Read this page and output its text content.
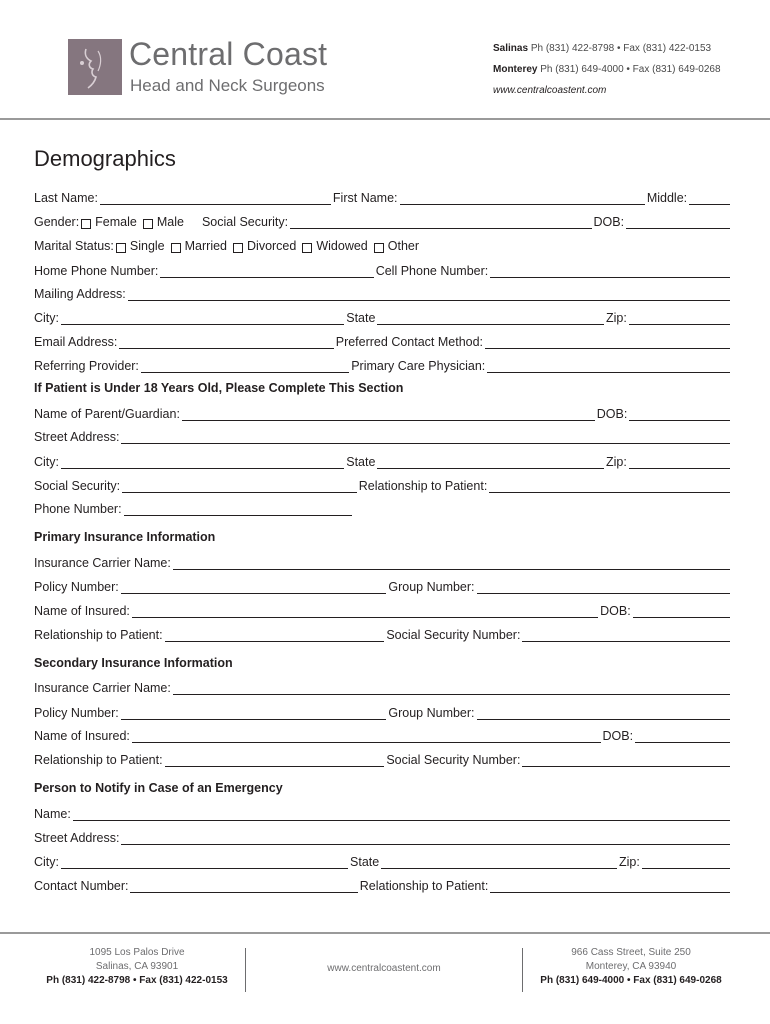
Central Coast
Head and Neck Surgeons
Salinas Ph (831) 422-8798 • Fax (831) 422-0153
Monterey Ph (831) 649-4000 • Fax (831) 649-0268
www.centralcoastent.com
Demographics
Last Name:	First Name:	Middle:
Gender: Female Male Social Security:	DOB:
Marital Status: Single Married Divorced Widowed Other
Home Phone Number:	Cell Phone Number:
Mailing Address:
City:	State	Zip:
Email Address:	Preferred Contact Method:
Referring Provider:	Primary Care Physician:
If Patient is Under 18 Years Old, Please Complete This Section
Name of Parent/Guardian:	DOB:
Street Address:
City:	State	Zip:
Social Security:	Relationship to Patient:
Phone Number:
Primary Insurance Information
Insurance Carrier Name:
Policy Number:	Group Number:
Name of Insured:	DOB:
Relationship to Patient:	Social Security Number:
Secondary Insurance Information
Insurance Carrier Name:
Policy Number:	Group Number:
Name of Insured:	DOB:
Relationship to Patient:	Social Security Number:
Person to Notify in Case of an Emergency
Name:
Street Address:
City:	State	Zip:
Contact Number:	Relationship to Patient:
1095 Los Palos Drive
Salinas, CA 93901
Ph (831) 422-8798 • Fax (831) 422-0153
www.centralcoastent.com
966 Cass Street, Suite 250
Monterey, CA 93940
Ph (831) 649-4000 • Fax (831) 649-0268
